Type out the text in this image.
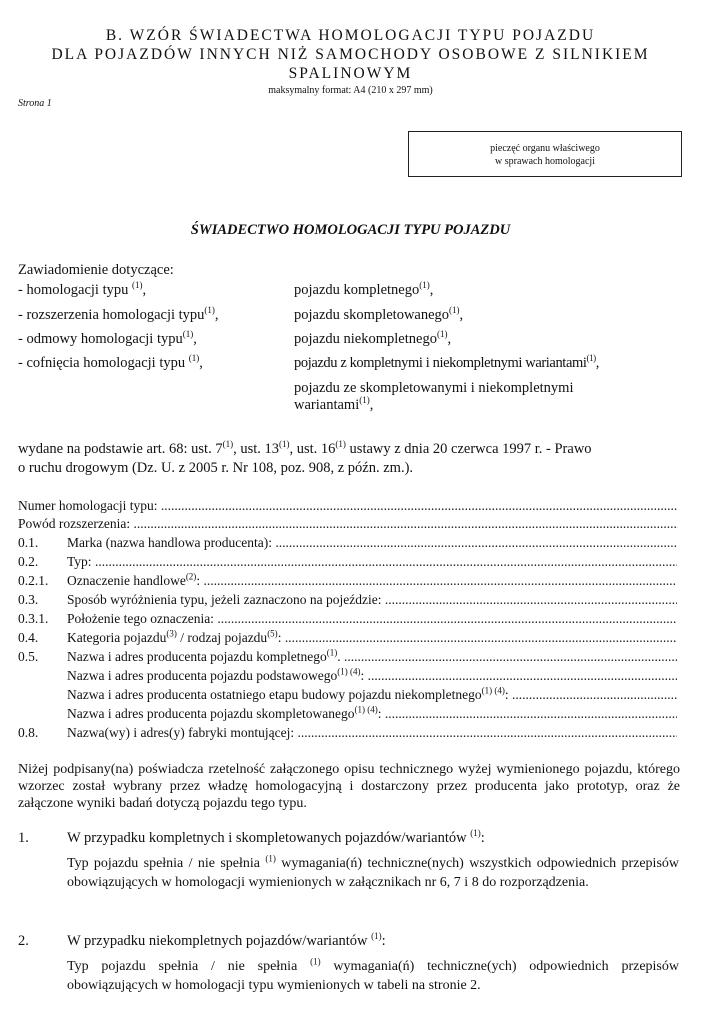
B. WZÓR ŚWIADECTWA HOMOLOGACJI TYPU POJAZDU
DLA POJAZDÓW INNYCH NIŻ SAMOCHODY OSOBOWE Z SILNIKIEM
SPALINOWYM
maksymalny format: A4 (210 x 297 mm)
Strona 1
pieczęć organu właściwego
w sprawach homologacji
ŚWIADECTWO HOMOLOGACJI TYPU POJAZDU
Zawiadomienie dotyczące:
- homologacji typu $^{(1)}$,
- rozszerzenia homologacji typu$^{(1)}$,
- odmowy homologacji typu$^{(1)}$,
- cofnięcia homologacji typu $^{(1)}$,
pojazdu kompletnego$^{(1)}$,
pojazdu skompletowanego$^{(1)}$,
pojazdu niekompletnego$^{(1)}$,
pojazdu z kompletnymi i niekompletnymi wariantami$^{(1)}$,
pojazdu ze skompletowanymi i niekompletnymi
wariantami$^{(1)}$,
wydane na podstawie art. 68: ust. 7$^{(1)}$, ust. 13$^{(1)}$, ust. 16$^{(1)}$ ustawy z dnia 20 czerwca 1997 r. - Prawo
o ruchu drogowym (Dz. U. z 2005 r. Nr 108, poz. 908, z późn. zm.).
Numer homologacji typu: .....
Powód rozszerzenia: .....
0.1. Marka (nazwa handlowa producenta): .....
0.2. Typ: .....
0.2.1. Oznaczenie handlowe$^{(2)}$: .....
0.3. Sposób wyróżnienia typu, jeżeli zaznaczono na pojeździe: .....
0.3.1. Położenie tego oznaczenia: .....
0.4. Kategoria pojazdu$^{(3)}$ / rodzaj pojazdu$^{(5)}$: .....
0.5. Nazwa i adres producenta pojazdu kompletnego$^{(1)}$. .....
Nazwa i adres producenta pojazdu podstawowego$^{(1) (4)}$: .....
Nazwa i adres producenta ostatniego etapu budowy pojazdu niekompletnego$^{(1) (4)}$: .....
Nazwa i adres producenta pojazdu skompletowanego$^{(1) (4)}$: .....
0.8. Nazwa(wy) i adres(y) fabryki montującej: .....
Niżej podpisany(na) poświadcza rzetelność załączonego opisu technicznego wyżej wymienionego pojazdu, którego wzorzec został wybrany przez władzę homologacyjną i dostarczony przez producenta jako prototyp, oraz że załączone wyniki badań dotyczą pojazdu tego typu.
1.	W przypadku kompletnych i skompletowanych pojazdów/wariantów $^{(1)}$:
Typ pojazdu spełnia / nie spełnia $^{(1)}$ wymagania(ń) techniczne(nych) wszystkich odpowiednich przepisów obowiązujących w homologacji wymienionych w załącznikach nr 6, 7 i 8 do rozporządzenia.
2.	W przypadku niekompletnych pojazdów/wariantów $^{(1)}$:
Typ pojazdu spełnia / nie spełnia $^{(1)}$ wymagania(ń) techniczne(ych) odpowiednich przepisów obowiązujących w homologacji typu wymienionych w tabeli na stronie 2.
